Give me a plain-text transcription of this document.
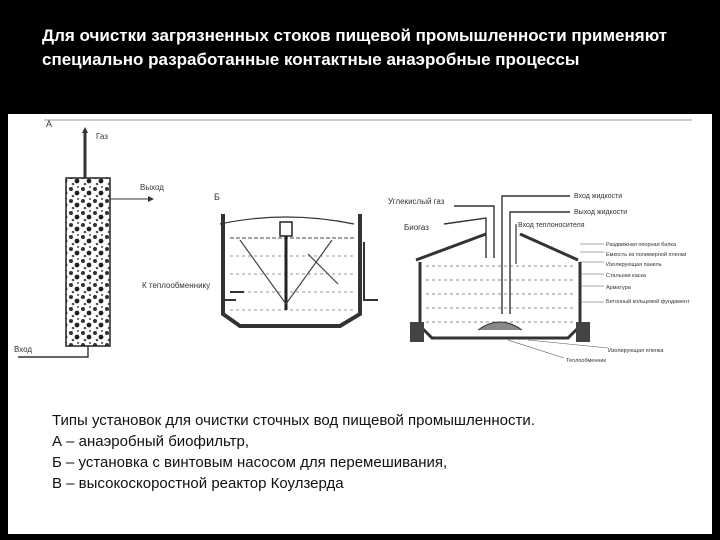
Для очистки загрязненных стоков пищевой промышленности применяют специально разработанные контактные анаэробные процессы
А
Газ
Выход
Вход
Б
К теплообменнику
Углекислый газ
Биогаз
Вход жидкости
Выход жидкости
Вход теплоносителя
Раздвижная опорная балка
Емкость из полимерной пленки
Изолирующая панель
Стальная каска
Арматура
Бетонный кольцевой фундамент
Изолирующая пленка
Теплообменник
Типы установок для очистки сточных вод пищевой промышленности.
А – анаэробный биофильтр,
Б – установка с винтовым насосом для перемешивания,
В – высокоскоростной реактор Коулзерда
